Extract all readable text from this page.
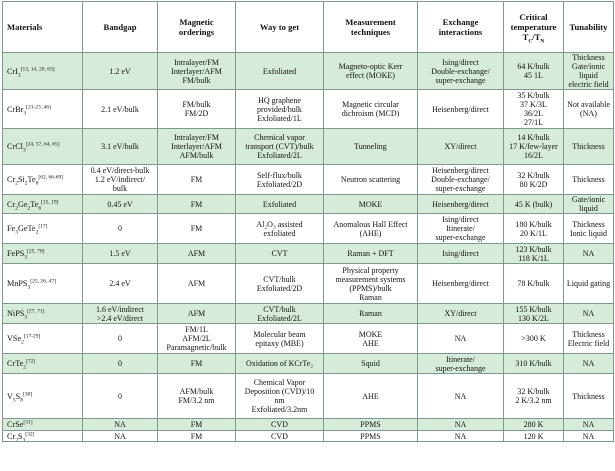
Materials	Bandgap	Magnetic
orderings	Way to get	Measurement
techniques	Exchange
interactions	Critical
temperature
$T_C/T_N$	Tunability
CrI$_3$[13, 14, 20, 63]	1.2 eV	Intralayer/FM
Interlayer/AFM
FM/bulk	Exfoliated	Magneto-optic Kerr
effect (MOKE)	Ising/direct
Double-exchange/
super-exchange	64 K/bulk
45 1L	Thickness
Gate/ionic liquid
electric field
CrBr$_3$[21-23 ,46]	2.1 eV/bulk	FM/bulk
FM/2D	HQ graphene
provided/bulk
Exfoliated/1L	Magnetic circular
dichroism (MCD)	Heisenberg/direct	35 K/bulk
37 K/3L
36/2L
27/1L	Not available
(NA)
CrCl$_3$[24, 57, 64, 65]	3.1 eV/bulk	Intralayer/FM
Interlayer/AFM
AFM/bulk	Chemical vapor
transport (CVT)/bulk
Exfoliated/2L	Tunneling	XY/direct	14 K/bulk
17 K/few-layer
16/2L	Thickness
$Cr_2Si_2Te_6[62, 66-69]$	0.4 eV/direct-bulk
1.2 eV/indirect/
bulk	FM	Self-flux/bulk
Exfoliated/2D	Neutron scattering	Heisenberg/direct
Double-exchange/
super-exchange	32 K/bulk
80 K/2D	Thickness
$Cr_2Ge_2Te_6[15, 19]$	0.45 eV	FM	Exfoliated	MOKE	Heisenberg/direct	45 K (bulk)	Gate/ionic liquid
$Fe_3GeTe_2[17]$	0	FM	Al₂O₃ assisted
exfoliated	Anomalous Hall Effect
(AHE)	Ising/direct
Itinerate/
super-exchange	180 K/bulk
20 K/1L	Thickness
Ionic liquid
FePS$_3$[25, 70]	1.5 eV	AFM	CVT	Raman + DFT	Ising/direct	123 K/bulk
118 K/1L	NA
MnPS$_3$[25, 26, 47]	2.4 eV	AFM	CVT/bulk
Exfoliated/2D	Physical property
measurement systems
(PPMS)/bulk
Raman	Heisenberg/direct	78 K/bulk	Liquid gating
NiPS$_3$[27, 71]	1.6 eV/indirect
>2.4 eV/direct	AFM	CVT/bulk
Exfoliated/2L	Raman	XY/direct	155 K/bulk
130 K/2L	NA
VSe$_2$[17-29]	0	FM/1L
AFM/2L
Paramagnetic/bulk	Molecular beam
epitaxy (MBE)	MOKE
AHE	NA	>300 K	Thickness
Electric field
CrTe$_2$[72]	0	FM	Oxidation of KCrTe₂	Squid	Itinerate/
super-exchange	310 K/bulk	NA
$V_5S_8[30]$	0	AFM/bulk
FM/3.2 nm	Chemical Vapor
Deposition (CVD)/10
nm
Exfoliated/3.2nm	AHE	NA	32 K/bulk
2 K/3.2 nm	Thickness
CrSe[31]	NA	FM	CVD	PPMS	NA	280 K	NA
$Cr_2S_3[32]$	NA	FM	CVD	PPMS	NA	120 K	NA
